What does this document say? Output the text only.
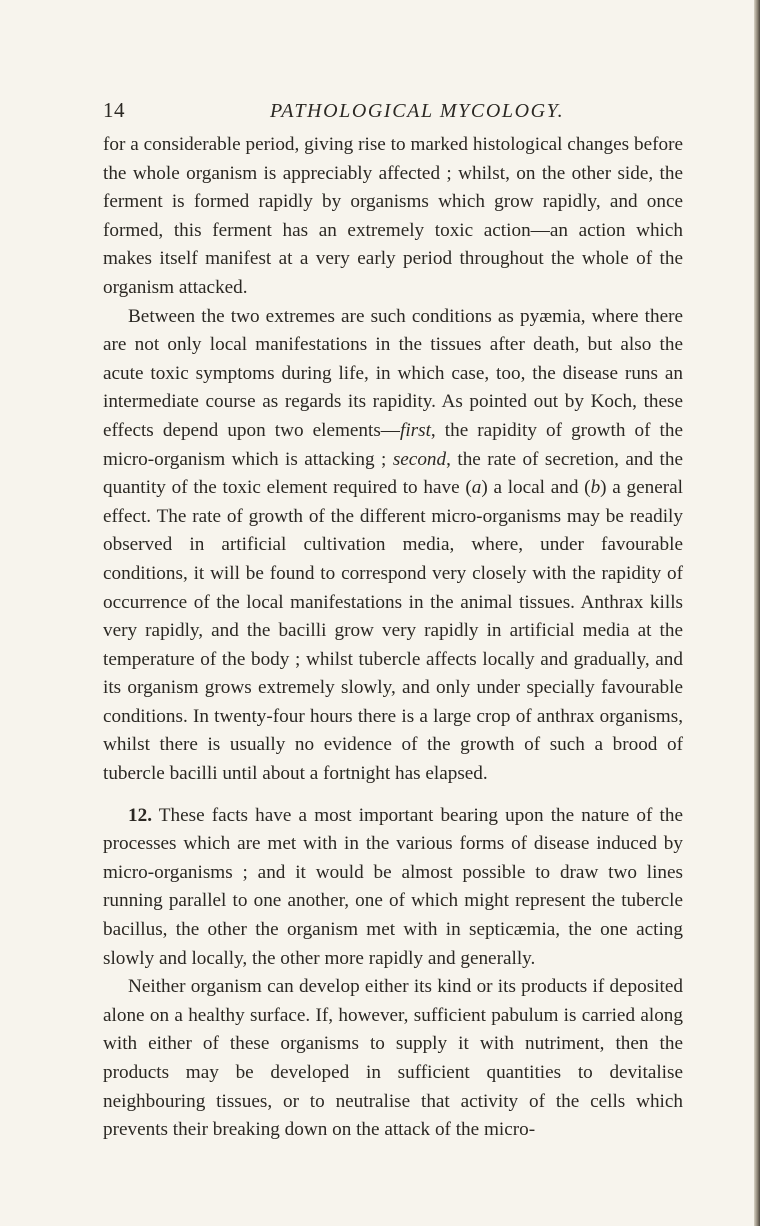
14	PATHOLOGICAL MYCOLOGY.

for a considerable period, giving rise to marked histological changes before the whole organism is appreciably affected ; whilst, on the other side, the ferment is formed rapidly by organisms which grow rapidly, and once formed, this ferment has an extremely toxic action—an action which makes itself manifest at a very early period throughout the whole of the organism attacked.

Between the two extremes are such conditions as pyæmia, where there are not only local manifestations in the tissues after death, but also the acute toxic symptoms during life, in which case, too, the disease runs an intermediate course as regards its rapidity. As pointed out by Koch, these effects depend upon two elements—first, the rapidity of growth of the micro-organism which is attacking ; second, the rate of secretion, and the quantity of the toxic element required to have (a) a local and (b) a general effect. The rate of growth of the different micro-organisms may be readily observed in artificial cultivation media, where, under favourable conditions, it will be found to correspond very closely with the rapidity of occurrence of the local manifestations in the animal tissues. Anthrax kills very rapidly, and the bacilli grow very rapidly in artificial media at the temperature of the body ; whilst tubercle affects locally and gradually, and its organism grows extremely slowly, and only under specially favourable conditions. In twenty-four hours there is a large crop of anthrax organisms, whilst there is usually no evidence of the growth of such a brood of tubercle bacilli until about a fortnight has elapsed.

12. These facts have a most important bearing upon the nature of the processes which are met with in the various forms of disease induced by micro-organisms ; and it would be almost possible to draw two lines running parallel to one another, one of which might represent the tubercle bacillus, the other the organism met with in septicæmia, the one acting slowly and locally, the other more rapidly and generally.

Neither organism can develop either its kind or its products if deposited alone on a healthy surface. If, however, sufficient pabulum is carried along with either of these organisms to supply it with nutriment, then the products may be developed in sufficient quantities to devitalise neighbouring tissues, or to neutralise that activity of the cells which prevents their breaking down on the attack of the micro-
